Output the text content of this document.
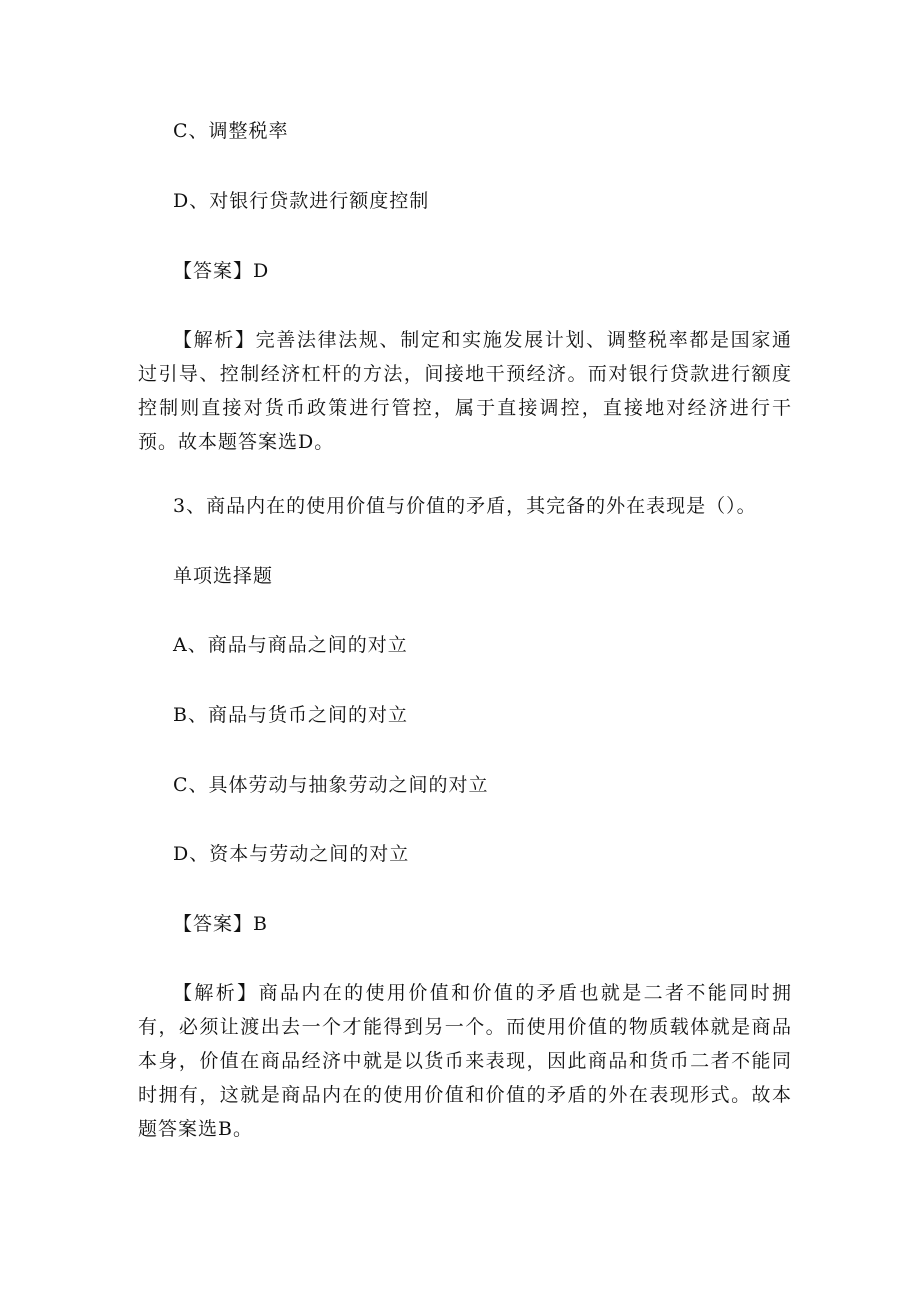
C、调整税率
D、对银行贷款进行额度控制
【答案】D
【解析】完善法律法规、制定和实施发展计划、调整税率都是国家通过引导、控制经济杠杆的方法，间接地干预经济。而对银行贷款进行额度控制则直接对货币政策进行管控，属于直接调控，直接地对经济进行干预。故本题答案选D。
3、商品内在的使用价值与价值的矛盾，其完备的外在表现是（）。
单项选择题
A、商品与商品之间的对立
B、商品与货币之间的对立
C、具体劳动与抽象劳动之间的对立
D、资本与劳动之间的对立
【答案】B
【解析】商品内在的使用价值和价值的矛盾也就是二者不能同时拥有，必须让渡出去一个才能得到另一个。而使用价值的物质载体就是商品本身，价值在商品经济中就是以货币来表现，因此商品和货币二者不能同时拥有，这就是商品内在的使用价值和价值的矛盾的外在表现形式。故本题答案选B。
